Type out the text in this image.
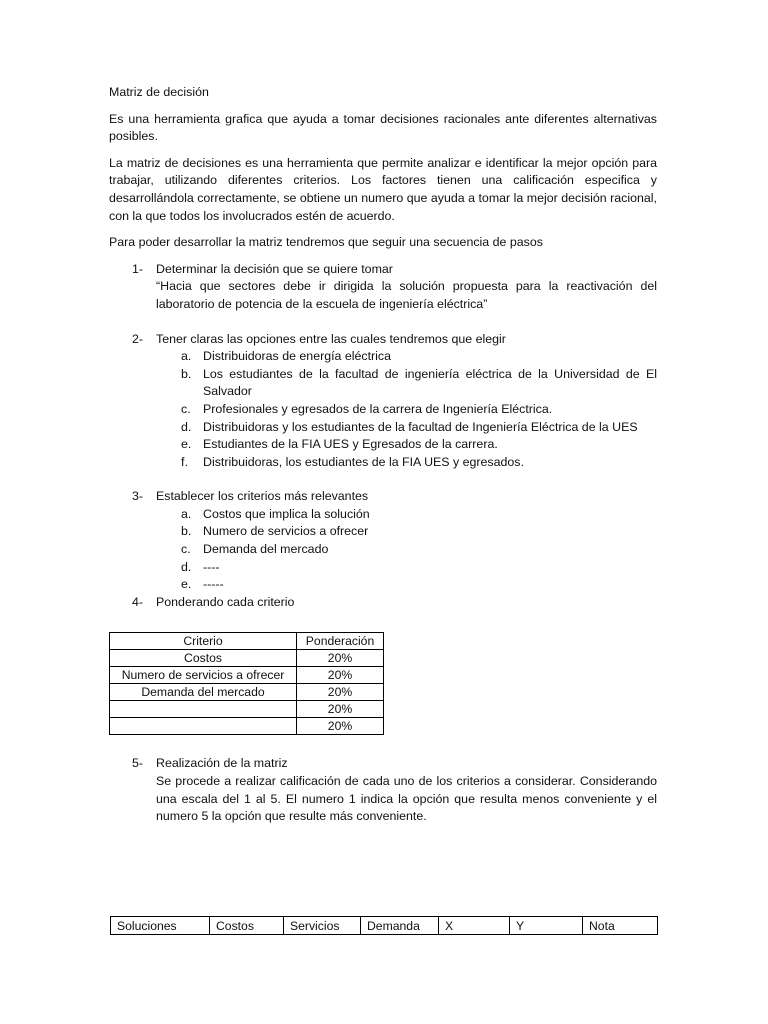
Matriz de decisión

Es una herramienta grafica que ayuda a tomar decisiones racionales ante diferentes alternativas posibles.

La matriz de decisiones es una herramienta que permite analizar e identificar la mejor opción para trabajar, utilizando diferentes criterios. Los factores tienen una calificación especifica y desarrollándola correctamente, se obtiene un numero que ayuda a tomar la mejor decisión racional, con la que todos los involucrados estén de acuerdo.

Para poder desarrollar la matriz tendremos que seguir una secuencia de pasos

1- Determinar la decisión que se quiere tomar
“Hacia que sectores debe ir dirigida la solución propuesta para la reactivación del laboratorio de potencia de la escuela de ingeniería eléctrica”
2- Tener claras las opciones entre las cuales tendremos que elegir
a. Distribuidoras de energía eléctrica
b. Los estudiantes de la facultad de ingeniería eléctrica de la Universidad de El Salvador
c. Profesionales y egresados de la carrera de Ingeniería Eléctrica.
d. Distribuidoras y los estudiantes de la facultad de Ingeniería Eléctrica de la UES
e. Estudiantes de la FIA UES y Egresados de la carrera.
f. Distribuidoras, los estudiantes de la FIA UES y egresados.
3- Establecer los criterios más relevantes
a. Costos que implica la solución
b. Numero de servicios a ofrecer
c. Demanda del mercado
d. ----
e. -----
4- Ponderando cada criterio
Criterio	Ponderación
Costos	20%
Numero de servicios a ofrecer	20%
Demanda del mercado	20%
	20%
	20%
5- Realización de la matriz
Se procede a realizar calificación de cada uno de los criterios a considerar. Considerando una escala del 1 al 5. El numero 1 indica la opción que resulta menos conveniente y el numero 5 la opción que resulte más conveniente.
Soluciones	Costos	Servicios	Demanda	X	Y	Nota
